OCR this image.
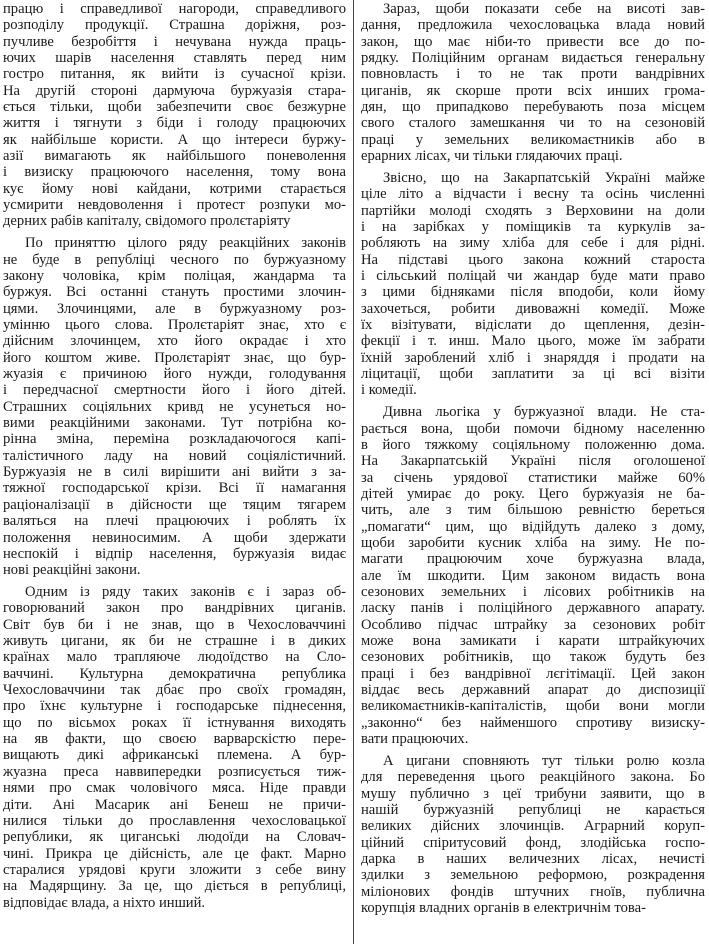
працю і справедливої нагороди, справедливого
розподілу продукції. Страшна доріжня, роз-
пучливе безробіття і нечувана нужда праць-
ючих шарів населення ставлять перед ним
гостро питання, як вийти із сучасної крізи.
На другій стороні дармуюча буржуазія стара-
ється тільки, щоби забезпечити своє безжурне
життя і тягнути з біди і голоду працюючих
як найбільше користи. А що інтереси буржу-
азії вимагають як найбільшого поневолення
і визиску працюючого населення, тому вона
кує йому нові кайдани, котрими старається
усмирити невдоволення і протест розпуки мо-
дерних рабів капіталу, свідомого пролєтаріяту
По приняттю цілого ряду реакційних законів
не буде в републіці чесного по буржуазному
закону чоловіка, крім поліцая, жандарма та
буржуя. Всі останні стануть простими злочин-
цями. Злочинцями, але в буржуазному роз-
умінню цього слова. Пролєтаріят знає, хто є
дійсним злочинцем, хто його окрадає і хто
його коштом живе. Пролєтаріят знає, що бур-
жуазія є причиною його нужди, голодування
і передчасної смертности його і його дітей.
Страшних соціяльних кривд не усунеться но-
вими реакційними законами. Тут потрібна ко-
рінна зміна, переміна розкладаючогося капі-
талістичного ладу на новий соціялістичний.
Буржуазія не в силі вирішити ані вийти з за-
тяжної господарської крізи. Всі її намагання
раціоналізації в дійсности ще тяцим тягарем
валяться на плечі працюючих і роблять їх
положення невиносимим. А щоби здержати
неспокій і відпір населення, буржуазія видає
нові реакційні закони.
Одним із ряду таких законів є і зараз об-
говорюваний закон про вандрівних циганів.
Світ був би і не знав, що в Чехословаччині
живуть цигани, як би не страшне і в диких
країнах мало трапляюче людоїдство на Сло-
ваччині. Культурна демократична република
Чехословаччини так дбає про своїх громадян,
про їхнє культурне і господарське піднесення,
що по вісьмох роках її істнування виходять
на яв факти, що своєю варварскістю пере-
вищають дикі африканські племена. А бур-
жуазна преса наввипередки розписується тиж-
нями про смак чоловічого мяса. Ніде правди
діти. Ані Масарик ані Бенеш не причи-
нилися тільки до прославлення чехословацької
републики, як циганські людоїди на Словач-
чині. Прикра це дійсність, але це факт. Марно
старалися урядові круги зложити з себе вину
на Мадярщину. За це, що діється в републиці,
відповідає влада, а ніхто инший.
Зараз, щоби показати себе на висоті зав-
дання, предложила чехословацька влада новий
закон, що має ніби-то привести все до по-
рядку. Поліційним органам видається генеральну
повновласть і то не так проти вандрівних
циганів, як скорше проти всіх инших грома-
дян, що припадково перебувають поза місцем
свого сталого замешкання чи то на сезоновій
праці у земельних великомаєтників або в
ерарних лісах, чи тільки глядаючих праці.
Звісно, що на Закарпатській Україні майже
ціле літо а відчасти і весну та осінь численні
партійки молоді сходять з Верховини на доли
і на зарібках у поміщиків та куркулів за-
робляють на зиму хліба для себе і для рідні.
На підставі цього закона кожний староста
і сільський поліцай чи жандар буде мати право
з цими бідняками після вподоби, коли йому
захочеться, робити дивоважні комедії. Може
їх візітувати, відіслати до щеплення, дезін-
фекції і т. инш. Мало цього, може їм забрати
їхній зароблений хліб і знаряддя і продати на
ліцитації, щоби заплатити за ці всі візіти
і комедії.
Дивна льогіка у буржуазної влади. Не ста-
рається вона, щоби помочи бідному населенню
в його тяжкому соціяльному положенню дома.
На Закарпатській Україні після оголошеної
за січень урядової статистики майже 60%
дітей умирає до року. Цего буржуазія не ба-
чить, але з тим більшою ревністю береться
„помагати“ цим, що відійдуть далеко з дому,
щоби заробити кусник хліба на зиму. Не по-
магати працюючим хоче буржуазна влада,
але їм шкодити. Цим законом видасть вона
сезонових земельних і лісових робітників на
ласку панів і поліційного державного апарату.
Особливо підчас штрайку за сезонових робіт
може вона замикати і карати штрайкуючих
сезонових робітників, що також будуть без
праці і без вандрівної лєгітімації. Цей закон
віддає весь державний апарат до диспозиції
великомаєтників-капіталістів, щоби вони могли
„законно“ без найменшого спротиву визиску-
вати працюючих.
А цигани сповняють тут тільки ролю козла
для переведення цього реакційного закона. Бо
мушу публично з цеї трибуни заявити, що в
нашій буржуазній републиці не карається
великих дійсних злочинців. Аграрний коруп-
ційний спіритусовий фонд, злодійська госпо-
дарка в наших величезних лісах, нечисті
здилки з земельною реформою, розкрадення
міліонових фондів штучних гноїв, публична
корупція владних органів в електричнім това-
